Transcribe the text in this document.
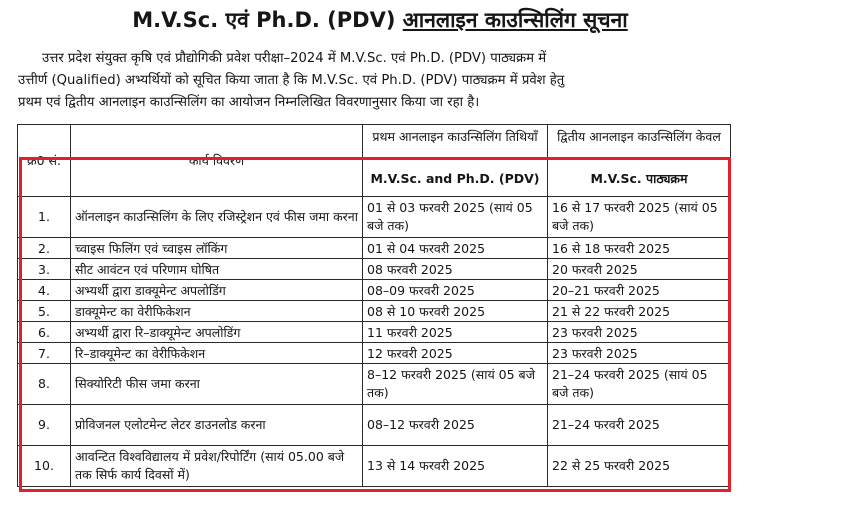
M.V.Sc. एवं Ph.D. (PDV) आनलाइन काउन्सिलिंग सूचना
उत्तर प्रदेश संयुक्त कृषि एवं प्रौद्योगिकी प्रवेश परीक्षा–2024 में M.V.Sc. एवं Ph.D. (PDV) पाठ्यक्रम में
उत्तीर्ण (Qualified) अभ्यर्थियों को सूचित किया जाता है कि M.V.Sc. एवं Ph.D. (PDV) पाठ्यक्रम में प्रवेश हेतु
प्रथम एवं द्वितीय आनलाइन काउन्सिलिंग का आयोजन निम्नलिखित विवरणानुसार किया जा रहा है।
क्र0 सं.	कार्य विवरण	प्रथम आनलाइन काउन्सिलिंग तिथियॉं	द्वितीय आनलाइन काउन्सिलिंग केवल

		M.V.Sc. and Ph.D. (PDV)	M.V.Sc. पाठ्यक्रम
1.	ऑनलाइन काउन्सिलिंग के लिए रजिस्ट्रेशन एवं फीस जमा करना	01 से 03 फरवरी 2025 (सायं 05 बजे तक)	16 से 17 फरवरी 2025 (सायं 05 बजे तक)
2.	च्वाइस फिलिंग एवं च्वाइस लॉकिंग	01 से 04 फरवरी 2025	16 से 18 फरवरी 2025
3.	सीट आवंटन एवं परिणाम घोषित	08 फरवरी 2025	20 फरवरी 2025
4.	अभ्यर्थी द्वारा डाक्यूमेन्ट अपलोडिंग	08–09 फरवरी 2025	20–21 फरवरी 2025
5.	डाक्यूमेन्ट का वेरीफिकेशन	08 से 10 फरवरी 2025	21 से 22 फरवरी 2025
6.	अभ्यर्थी द्वारा रि–डाक्यूमेन्ट अपलोडिंग	11 फरवरी 2025	23 फरवरी 2025
7.	रि–डाक्यूमेन्ट का वेरीफिकेशन	12 फरवरी 2025	23 फरवरी 2025
8.	सिक्योरिटी फीस जमा करना	8–12 फरवरी 2025 (सायं 05 बजे तक)	21–24 फरवरी 2025 (सायं 05 बजे तक)
9.	प्रोविजनल एलोटमेन्ट लेटर डाउनलोड करना	08–12 फरवरी 2025	21–24 फरवरी 2025
10.	आवन्टित विश्वविद्यालय में प्रवेश/रिपोर्टिंग (सायं 05.00 बजे तक सिर्फ कार्य दिवसों में)	13 से 14 फरवरी 2025	22 से 25 फरवरी 2025
